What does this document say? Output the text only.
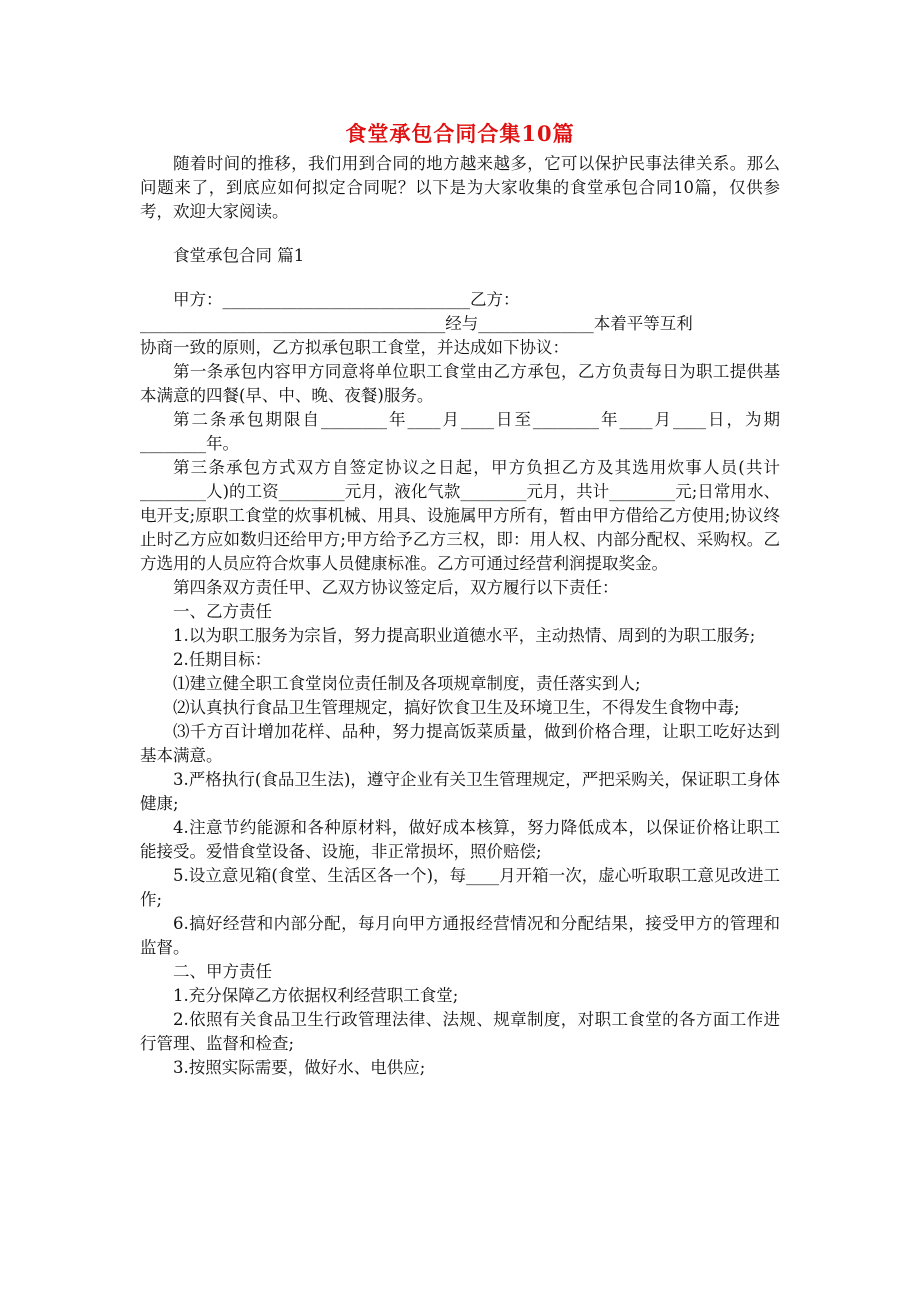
食堂承包合同合集10篇

随着时间的推移，我们用到合同的地方越来越多，它可以保护民事法律关系。那么问题来了，到底应如何拟定合同呢？以下是为大家收集的食堂承包合同10篇，仅供参考，欢迎大家阅读。

食堂承包合同 篇1

甲方：______________________________乙方：

_____________________________________经与______________本着平等互利

协商一致的原则，乙方拟承包职工食堂，并达成如下协议：

第一条承包内容甲方同意将单位职工食堂由乙方承包，乙方负责每日为职工提供基本满意的四餐(早、中、晚、夜餐)服务。

第二条承包期限自________年____月____日至________年____月____日，为期________年。

第三条承包方式双方自签定协议之日起，甲方负担乙方及其选用炊事人员(共计________人)的工资________元月，液化气款________元月，共计________元;日常用水、电开支;原职工食堂的炊事机械、用具、设施属甲方所有，暂由甲方借给乙方使用;协议终止时乙方应如数归还给甲方;甲方给予乙方三权，即：用人权、内部分配权、采购权。乙方选用的人员应符合炊事人员健康标准。乙方可通过经营利润提取奖金。

第四条双方责任甲、乙双方协议签定后，双方履行以下责任：

一、乙方责任

1.以为职工服务为宗旨，努力提高职业道德水平，主动热情、周到的为职工服务;

2.任期目标：

⑴建立健全职工食堂岗位责任制及各项规章制度，责任落实到人;

⑵认真执行食品卫生管理规定，搞好饮食卫生及环境卫生，不得发生食物中毒;

⑶千方百计增加花样、品种，努力提高饭菜质量，做到价格合理，让职工吃好达到基本满意。

3.严格执行(食品卫生法)，遵守企业有关卫生管理规定，严把采购关，保证职工身体健康;

4.注意节约能源和各种原材料，做好成本核算，努力降低成本，以保证价格让职工能接受。爱惜食堂设备、设施，非正常损坏，照价赔偿;

5.设立意见箱(食堂、生活区各一个)，每____月开箱一次，虚心听取职工意见改进工作;

6.搞好经营和内部分配，每月向甲方通报经营情况和分配结果，接受甲方的管理和监督。

二、甲方责任

1.充分保障乙方依据权利经营职工食堂;

2.依照有关食品卫生行政管理法律、法规、规章制度，对职工食堂的各方面工作进行管理、监督和检查;

3.按照实际需要，做好水、电供应;
